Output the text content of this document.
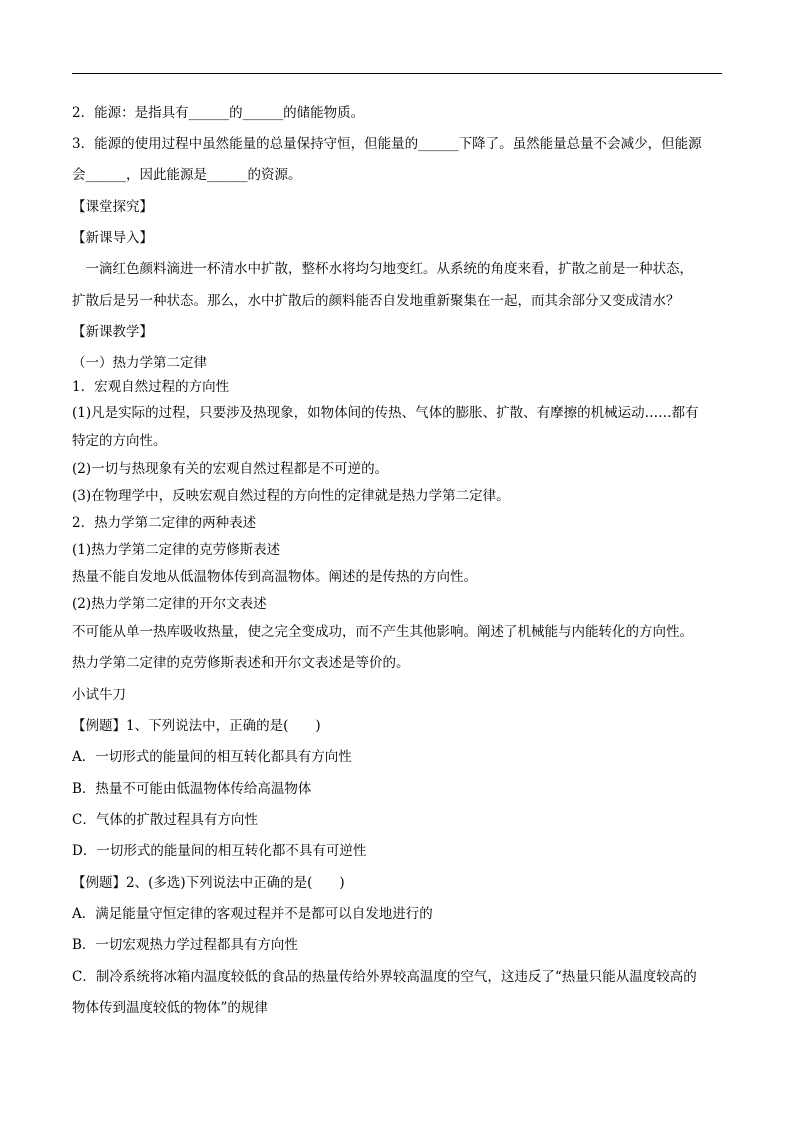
2．能源：是指具有______的______的储能物质。
3．能源的使用过程中虽然能量的总量保持守恒，但能量的______下降了。虽然能量总量不会减少，但能源
会______，因此能源是______的资源。
【课堂探究】
【新课导入】
　一滴红色颜料滴进一杯清水中扩散，整杯水将均匀地变红。从系统的角度来看，扩散之前是一种状态，
扩散后是另一种状态。那么，水中扩散后的颜料能否自发地重新聚集在一起，而其余部分又变成清水？
【新课教学】
（一）热力学第二定律
1．宏观自然过程的方向性
(1)凡是实际的过程，只要涉及热现象，如物体间的传热、气体的膨胀、扩散、有摩擦的机械运动……都有
特定的方向性。
(2)一切与热现象有关的宏观自然过程都是不可逆的。
(3)在物理学中，反映宏观自然过程的方向性的定律就是热力学第二定律。
2．热力学第二定律的两种表述
(1)热力学第二定律的克劳修斯表述
热量不能自发地从低温物体传到高温物体。阐述的是传热的方向性。
(2)热力学第二定律的开尔文表述
不可能从单一热库吸收热量，使之完全变成功，而不产生其他影响。阐述了机械能与内能转化的方向性。
热力学第二定律的克劳修斯表述和开尔文表述是等价的。
小试牛刀
【例题】1、下列说法中，正确的是(　　)
A．一切形式的能量间的相互转化都具有方向性
B．热量不可能由低温物体传给高温物体
C．气体的扩散过程具有方向性
D．一切形式的能量间的相互转化都不具有可逆性
【例题】2、(多选)下列说法中正确的是(　　)
A．满足能量守恒定律的客观过程并不是都可以自发地进行的
B．一切宏观热力学过程都具有方向性
C．制冷系统将冰箱内温度较低的食品的热量传给外界较高温度的空气，这违反了“热量只能从温度较高的
物体传到温度较低的物体”的规律
